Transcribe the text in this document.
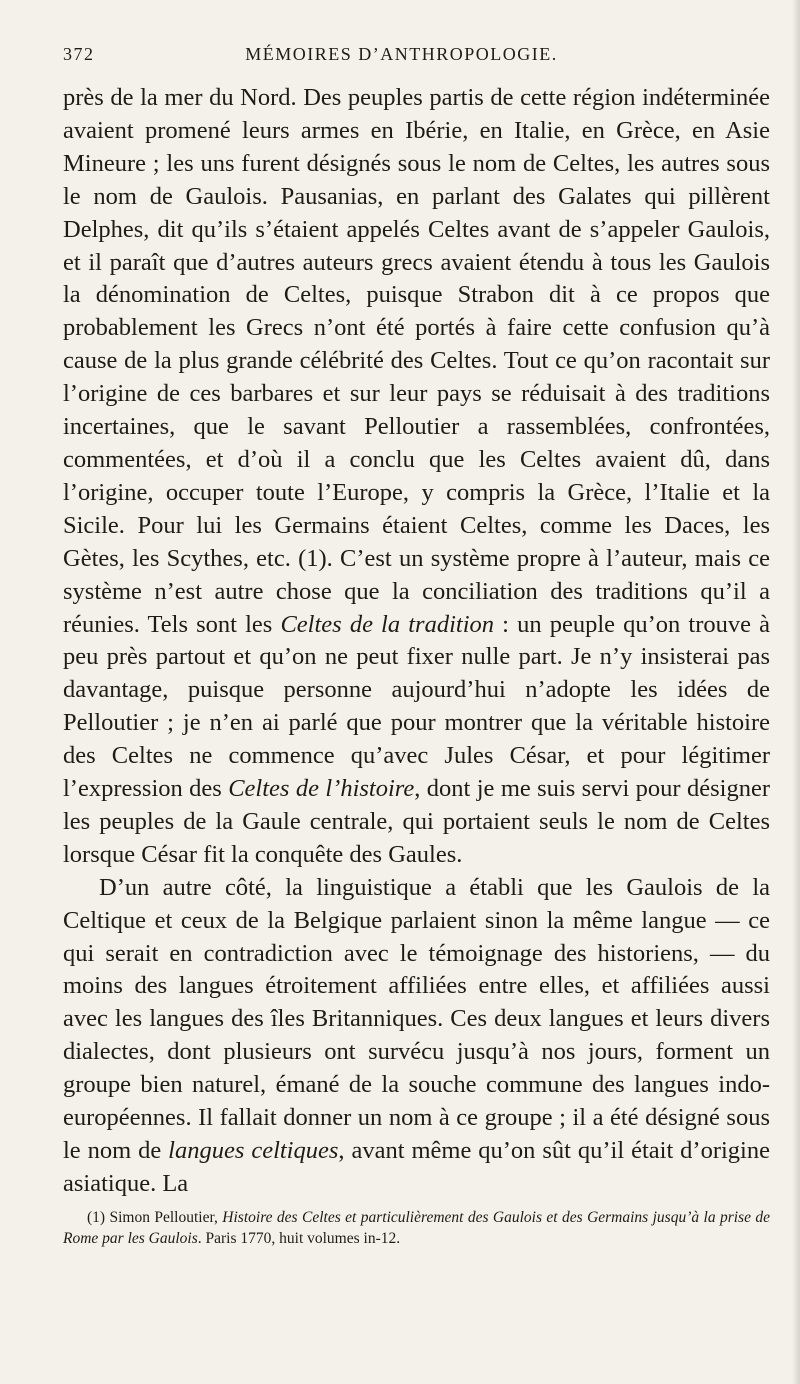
372	MÉMOIRES D’ANTHROPOLOGIE.

près de la mer du Nord. Des peuples partis de cette région indéterminée avaient promené leurs armes en Ibérie, en Italie, en Grèce, en Asie Mineure ; les uns furent désignés sous le nom de Celtes, les autres sous le nom de Gaulois. Pausanias, en parlant des Galates qui pillèrent Delphes, dit qu’ils s’étaient appelés Celtes avant de s’appeler Gaulois, et il paraît que d’autres auteurs grecs avaient étendu à tous les Gaulois la dénomination de Celtes, puisque Strabon dit à ce propos que probablement les Grecs n’ont été portés à faire cette confusion qu’à cause de la plus grande célébrité des Celtes. Tout ce qu’on racontait sur l’origine de ces barbares et sur leur pays se réduisait à des traditions incertaines, que le savant Pelloutier a rassemblées, confrontées, commentées, et d’où il a conclu que les Celtes avaient dû, dans l’origine, occuper toute l’Europe, y compris la Grèce, l’Italie et la Sicile. Pour lui les Germains étaient Celtes, comme les Daces, les Gètes, les Scythes, etc. (1). C’est un système propre à l’auteur, mais ce système n’est autre chose que la conciliation des traditions qu’il a réunies. Tels sont les Celtes de la tradition : un peuple qu’on trouve à peu près partout et qu’on ne peut fixer nulle part. Je n’y insisterai pas davantage, puisque personne aujourd’hui n’adopte les idées de Pelloutier ; je n’en ai parlé que pour montrer que la véritable histoire des Celtes ne commence qu’avec Jules César, et pour légitimer l’expression des Celtes de l’histoire, dont je me suis servi pour désigner les peuples de la Gaule centrale, qui portaient seuls le nom de Celtes lorsque César fit la conquête des Gaules.

D’un autre côté, la linguistique a établi que les Gaulois de la Celtique et ceux de la Belgique parlaient sinon la même langue — ce qui serait en contradiction avec le témoignage des historiens, — du moins des langues étroitement affiliées entre elles, et affiliées aussi avec les langues des îles Britanniques. Ces deux langues et leurs divers dialectes, dont plusieurs ont survécu jusqu’à nos jours, forment un groupe bien naturel, émané de la souche commune des langues indo-européennes. Il fallait donner un nom à ce groupe ; il a été désigné sous le nom de langues celtiques, avant même qu’on sût qu’il était d’origine asiatique. La

(1) Simon Pelloutier, Histoire des Celtes et particulièrement des Gaulois et des Germains jusqu’à la prise de Rome par les Gaulois. Paris 1770, huit volumes in-12.
